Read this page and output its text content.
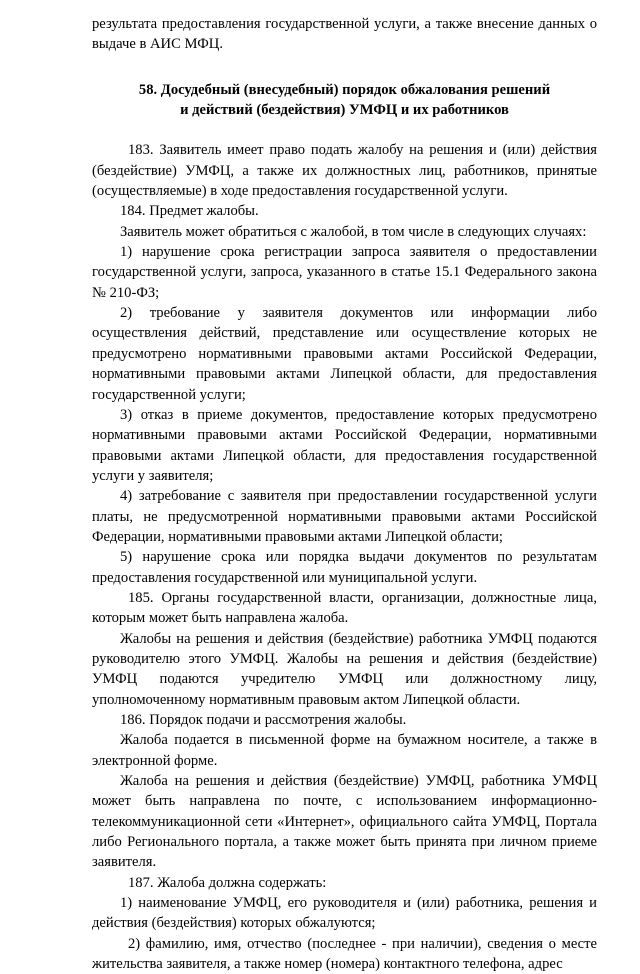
результата предоставления государственной услуги, а также внесение данных о выдаче в АИС МФЦ.

58. Досудебный (внесудебный) порядок обжалования решений
и действий (бездействия) УМФЦ и их работников

183. Заявитель имеет право подать жалобу на решения и (или) действия (бездействие) УМФЦ, а также их должностных лиц, работников, принятые (осуществляемые) в ходе предоставления государственной услуги.

184. Предмет жалобы.

Заявитель может обратиться с жалобой, в том числе в следующих случаях:

1) нарушение срока регистрации запроса заявителя о предоставлении государственной услуги, запроса, указанного в статье 15.1 Федерального закона № 210-ФЗ;

2) требование у заявителя документов или информации либо осуществления действий, представление или осуществление которых не предусмотрено нормативными правовыми актами Российской Федерации, нормативными правовыми актами Липецкой области, для предоставления государственной услуги;

3) отказ в приеме документов, предоставление которых предусмотрено нормативными правовыми актами Российской Федерации, нормативными правовыми актами Липецкой области, для предоставления государственной услуги у заявителя;

4) затребование с заявителя при предоставлении государственной услуги платы, не предусмотренной нормативными правовыми актами Российской Федерации, нормативными правовыми актами Липецкой области;

5) нарушение срока или порядка выдачи документов по результатам предоставления государственной или муниципальной услуги.

185. Органы государственной власти, организации, должностные лица, которым может быть направлена жалоба.

Жалобы на решения и действия (бездействие) работника УМФЦ подаются руководителю этого УМФЦ. Жалобы на решения и действия (бездействие) УМФЦ подаются учредителю УМФЦ или должностному лицу, уполномоченному нормативным правовым актом Липецкой области.

186. Порядок подачи и рассмотрения жалобы.

Жалоба подается в письменной форме на бумажном носителе, а также в электронной форме.

Жалоба на решения и действия (бездействие) УМФЦ, работника УМФЦ может быть направлена по почте, с использованием информационно-телекоммуникационной сети «Интернет», официального сайта УМФЦ, Портала либо Регионального портала, а также может быть принята при личном приеме заявителя.

187. Жалоба должна содержать:

1) наименование УМФЦ, его руководителя и (или) работника, решения и действия (бездействия) которых обжалуются;

2) фамилию, имя, отчество (последнее - при наличии), сведения о месте жительства заявителя, а также номер (номера) контактного телефона, адрес
